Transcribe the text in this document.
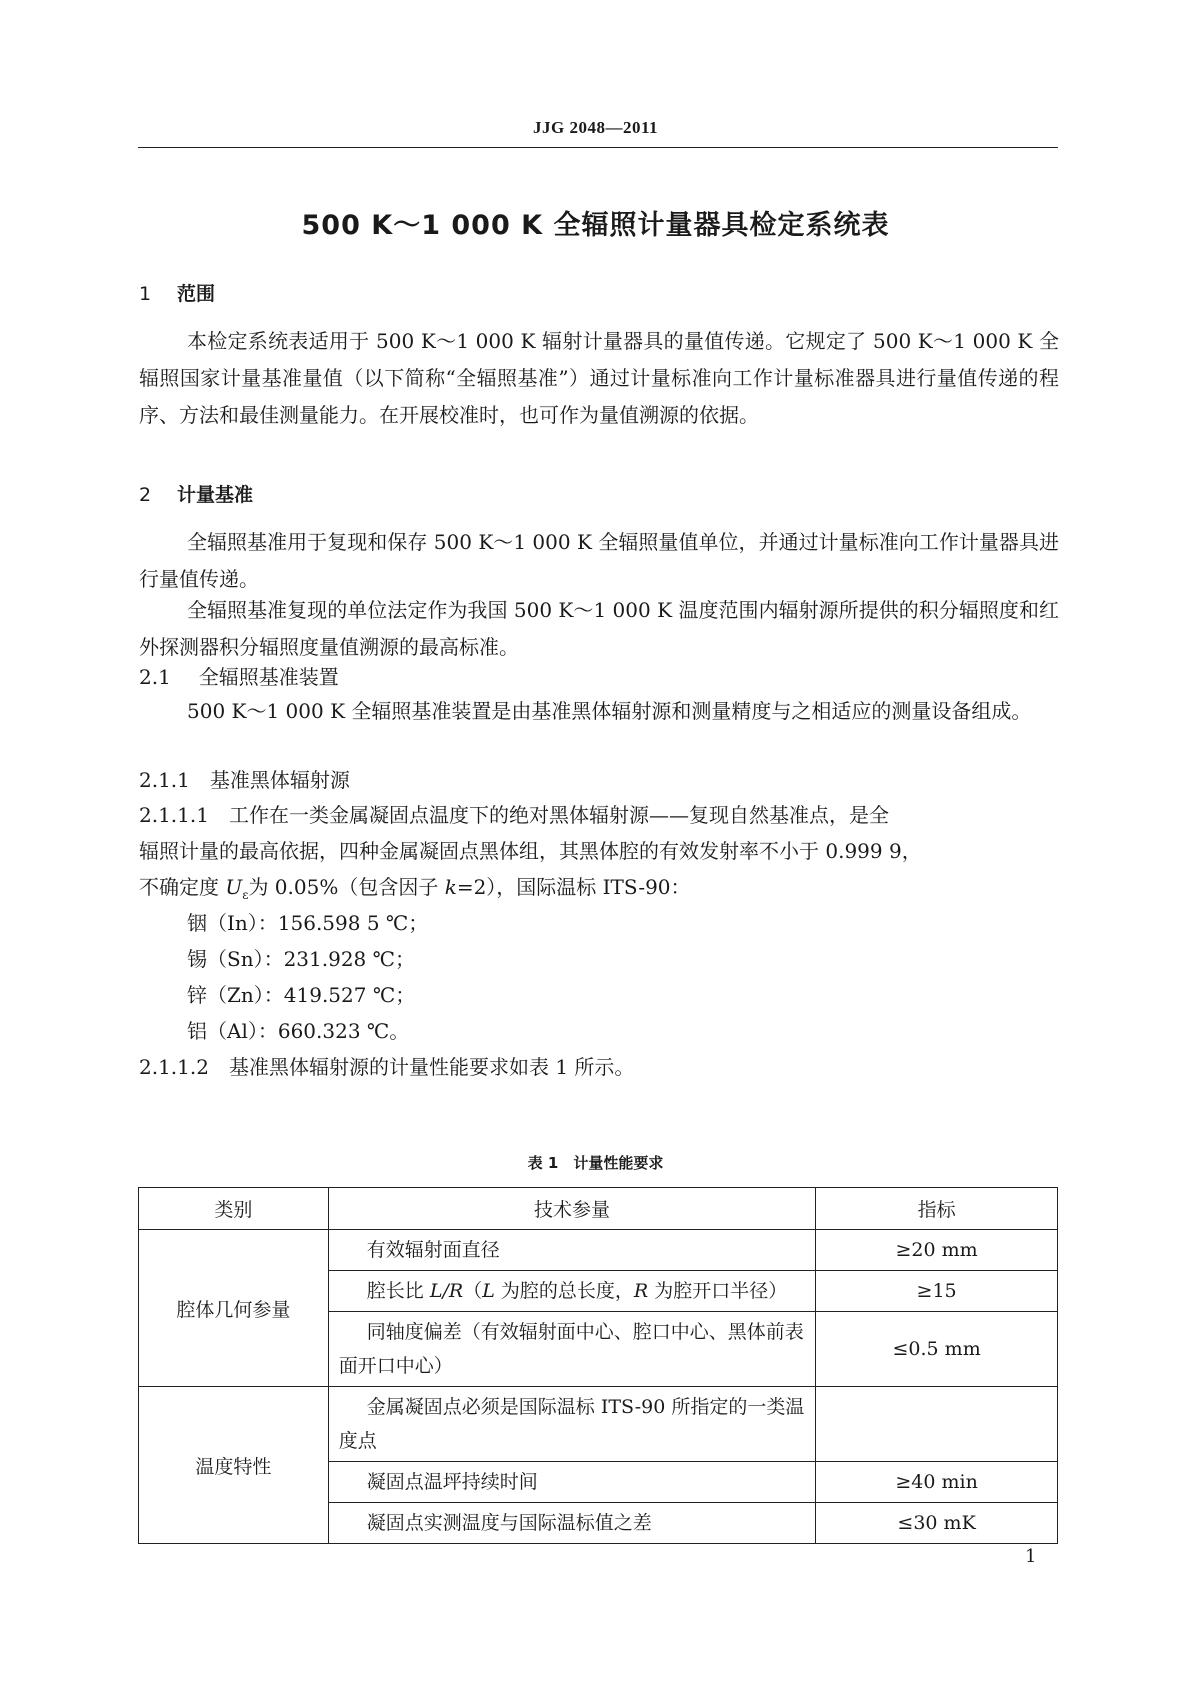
JJG 2048—2011
500 K～1 000 K 全辐照计量器具检定系统表
1 范围
本检定系统表适用于 500 K～1 000 K 辐射计量器具的量值传递。它规定了 500 K～1 000 K 全辐照国家计量基准量值（以下简称“全辐照基准”）通过计量标准向工作计量标准器具进行量值传递的程序、方法和最佳测量能力。在开展校准时，也可作为量值溯源的依据。
2 计量基准
全辐照基准用于复现和保存 500 K～1 000 K 全辐照量值单位，并通过计量标准向工作计量器具进行量值传递。
全辐照基准复现的单位法定作为我国 500 K～1 000 K 温度范围内辐射源所提供的积分辐照度和红外探测器积分辐照度量值溯源的最高标准。
2.1 全辐照基准装置
500 K～1 000 K 全辐照基准装置是由基准黑体辐射源和测量精度与之相适应的测量设备组成。
2.1.1 基准黑体辐射源
2.1.1.1 工作在一类金属凝固点温度下的绝对黑体辐射源——复现自然基准点，是全
辐照计量的最高依据，四种金属凝固点黑体组，其黑体腔的有效发射率不小于 0.999 9，
不确定度 $U_\varepsilon$为 0.05%（包含因子 k=2），国际温标 ITS-90：
铟（In）：156.598 5 ℃；
锡（Sn）：231.928 ℃；
锌（Zn）：419.527 ℃；
铝（Al）：660.323 ℃。
2.1.1.2 基准黑体辐射源的计量性能要求如表 1 所示。
表 1　计量性能要求
类别	技术参量	指标
腔体几何参量	有效辐射面直径	≥20 mm
	腔长比 L/R（L 为腔的总长度，R 为腔开口半径）	≥15
	同轴度偏差（有效辐射面中心、腔口中心、黑体前表面开口中心）	≤0.5 mm
温度特性	金属凝固点必须是国际温标 ITS-90 所指定的一类温度点	
	凝固点温坪持续时间	≥40 min
	凝固点实测温度与国际温标值之差	≤30 mK
1
